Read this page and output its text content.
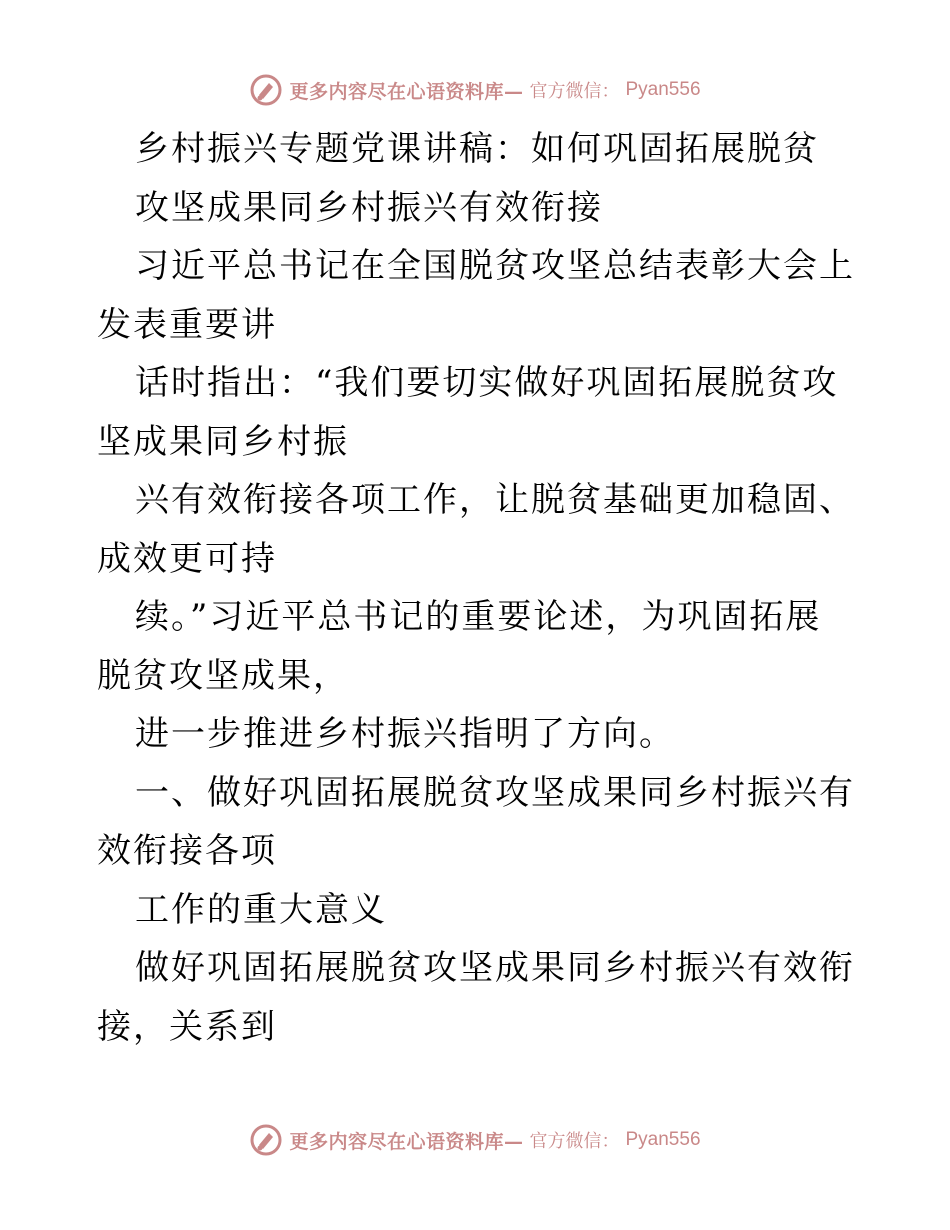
更多内容尽在心语资料库— 官方微信： Pyan556

乡村振兴专题党课讲稿：如何巩固拓展脱贫

攻坚成果同乡村振兴有效衔接

习近平总书记在全国脱贫攻坚总结表彰大会上发表重要讲

话时指出：“我们要切实做好巩固拓展脱贫攻坚成果同乡村振

兴有效衔接各项工作，让脱贫基础更加稳固、成效更可持

续。”习近平总书记的重要论述，为巩固拓展脱贫攻坚成果，

进一步推进乡村振兴指明了方向。

一、做好巩固拓展脱贫攻坚成果同乡村振兴有效衔接各项

工作的重大意义

做好巩固拓展脱贫攻坚成果同乡村振兴有效衔接，关系到

更多内容尽在心语资料库— 官方微信： Pyan556
